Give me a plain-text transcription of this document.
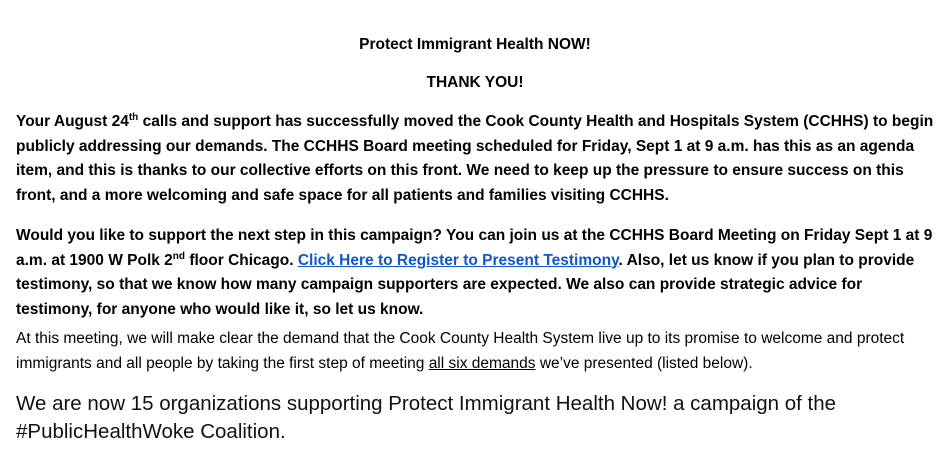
Protect Immigrant Health NOW!
THANK YOU!

Your August 24th calls and support has successfully moved the Cook County Health and Hospitals System (CCHHS) to begin publicly addressing our demands. The CCHHS Board meeting scheduled for Friday, Sept 1 at 9 a.m. has this as an agenda item, and this is thanks to our collective efforts on this front. We need to keep up the pressure to ensure success on this front, and a more welcoming and safe space for all patients and families visiting CCHHS.

Would you like to support the next step in this campaign? You can join us at the CCHHS Board Meeting on Friday Sept 1 at 9 a.m. at 1900 W Polk 2nd floor Chicago. Click Here to Register to Present Testimony. Also, let us know if you plan to provide testimony, so that we know how many campaign supporters are expected. We also can provide strategic advice for testimony, for anyone who would like it, so let us know.

At this meeting, we will make clear the demand that the Cook County Health System live up to its promise to welcome and protect immigrants and all people by taking the first step of meeting all six demands we’ve presented (listed below).

We are now 15 organizations supporting Protect Immigrant Health Now! a campaign of the #PublicHealthWoke Coalition.
